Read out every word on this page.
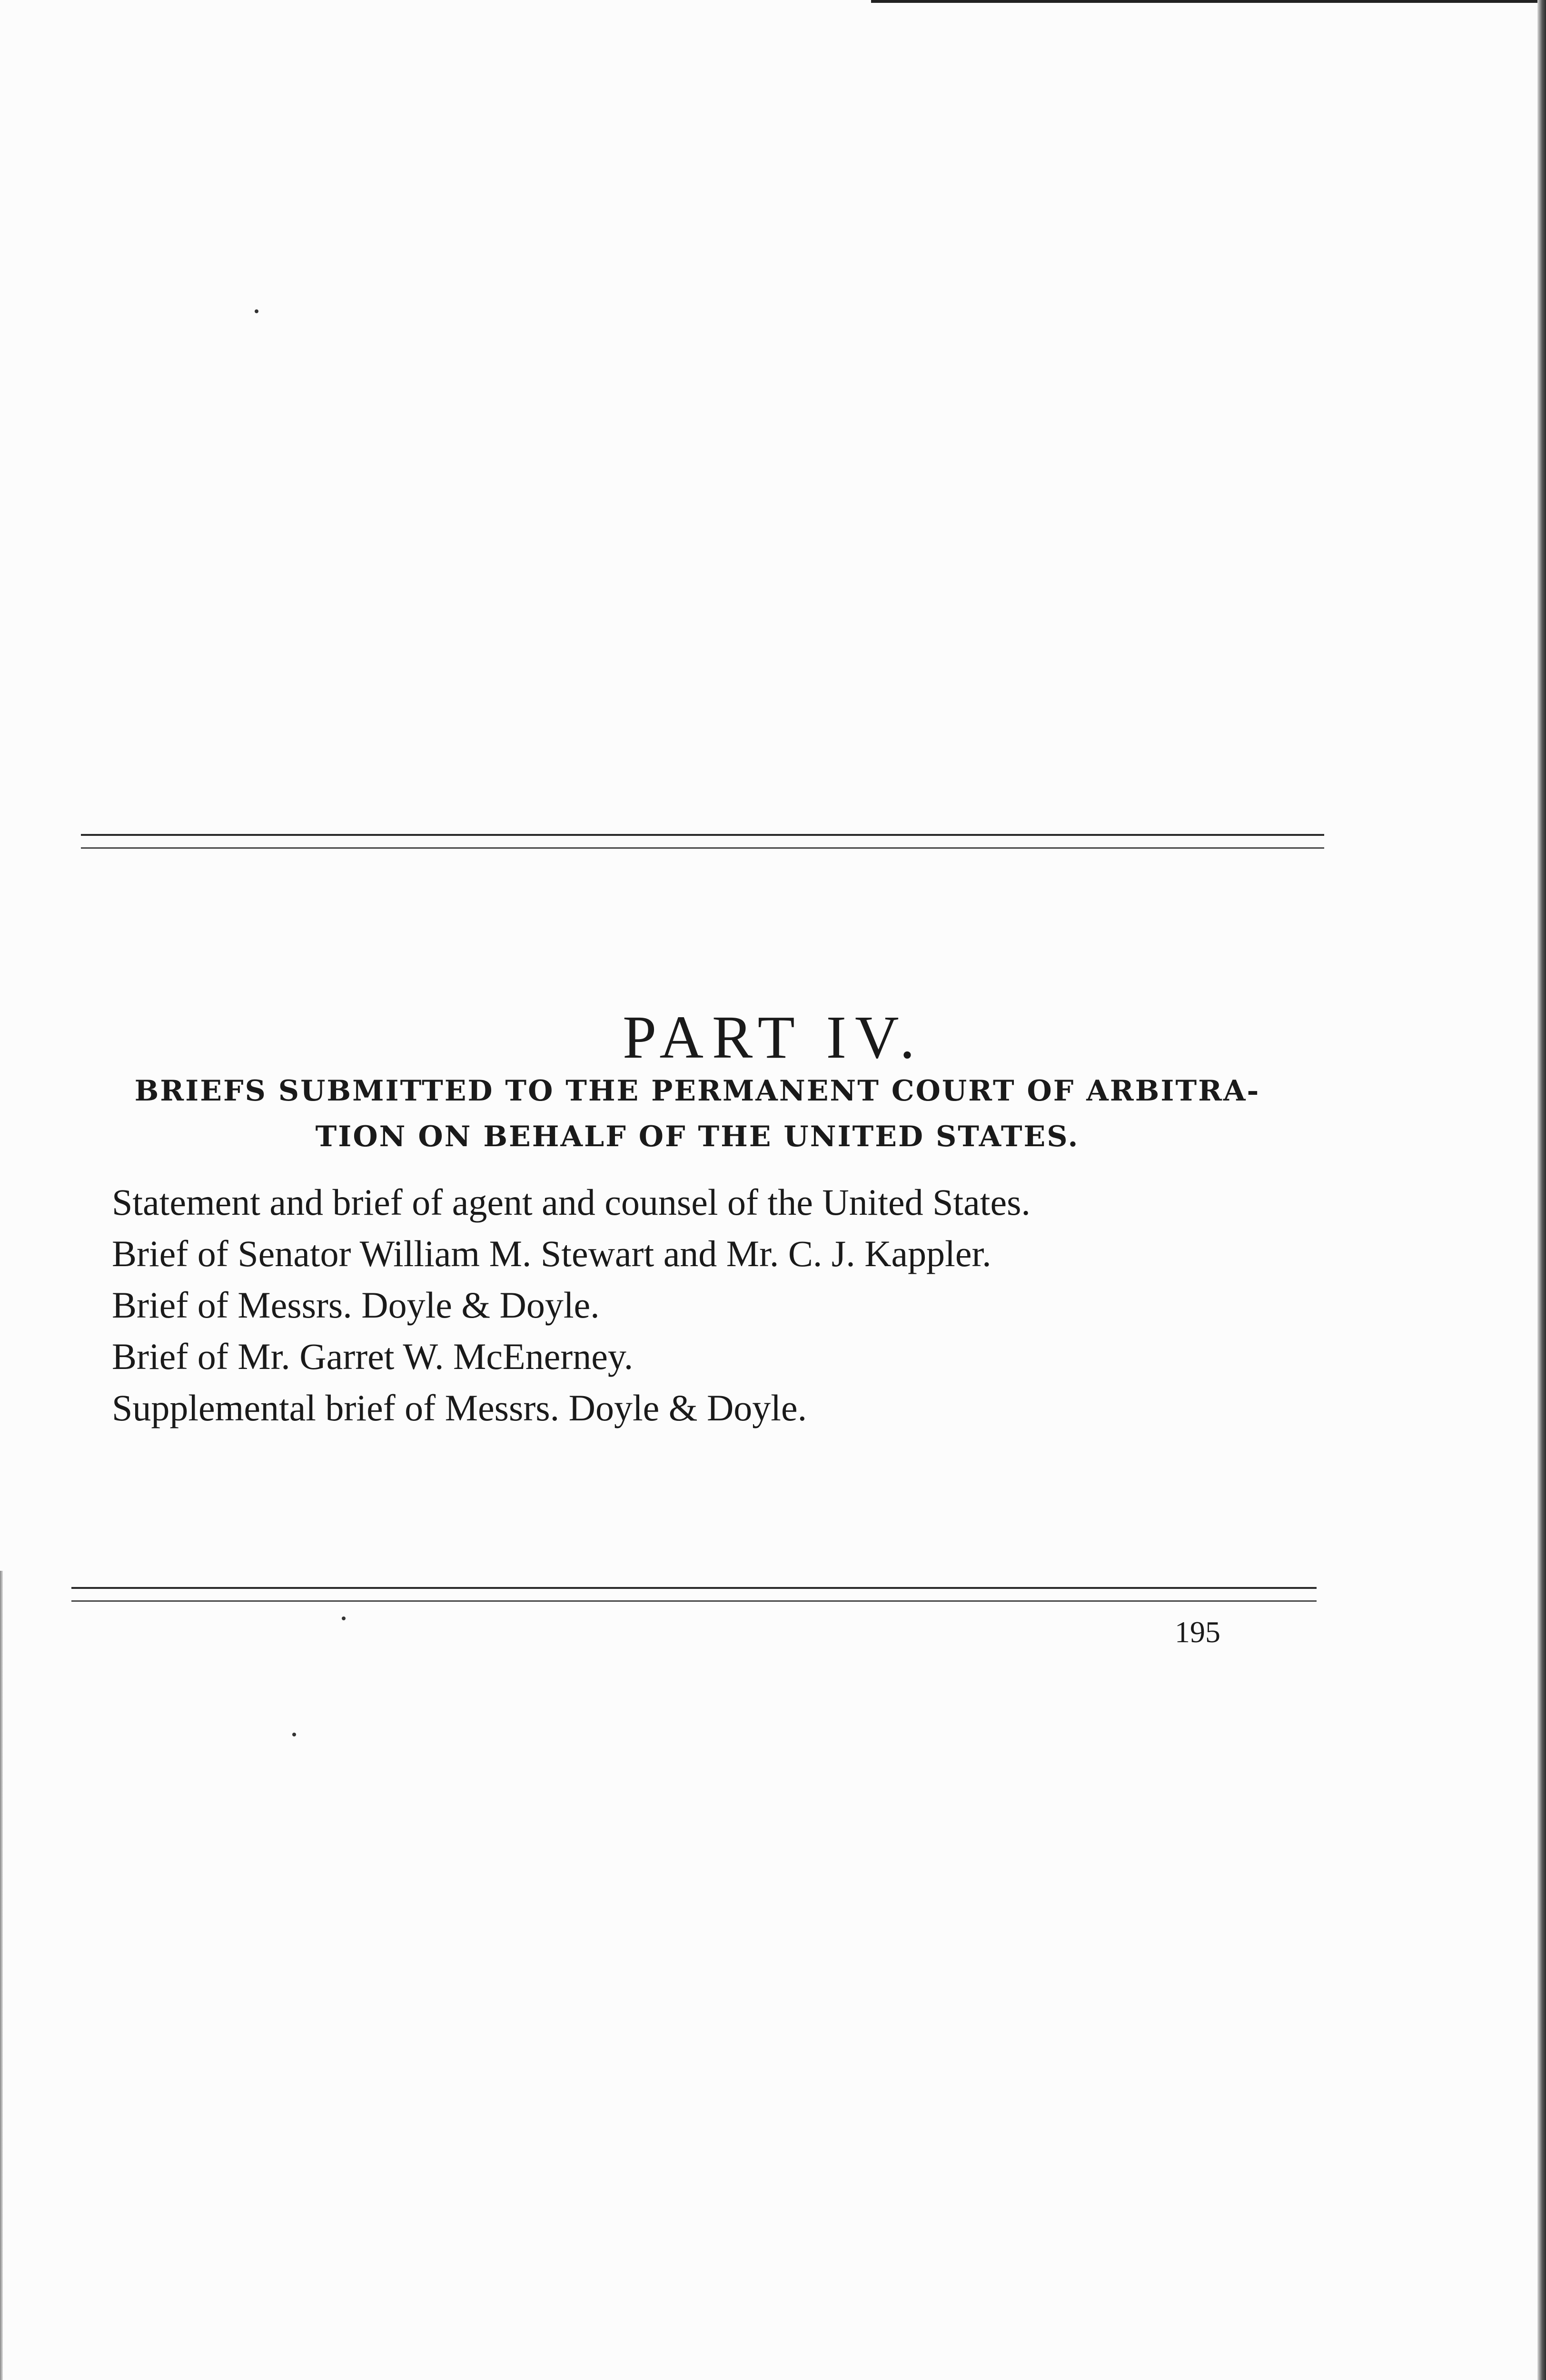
PART IV.
BRIEFS SUBMITTED TO THE PERMANENT COURT OF ARBITRA-
TION ON BEHALF OF THE UNITED STATES.
Statement and brief of agent and counsel of the United States.
Brief of Senator William M. Stewart and Mr. C. J. Kappler.
Brief of Messrs. Doyle & Doyle.
Brief of Mr. Garret W. McEnerney.
Supplemental brief of Messrs. Doyle & Doyle.
195
